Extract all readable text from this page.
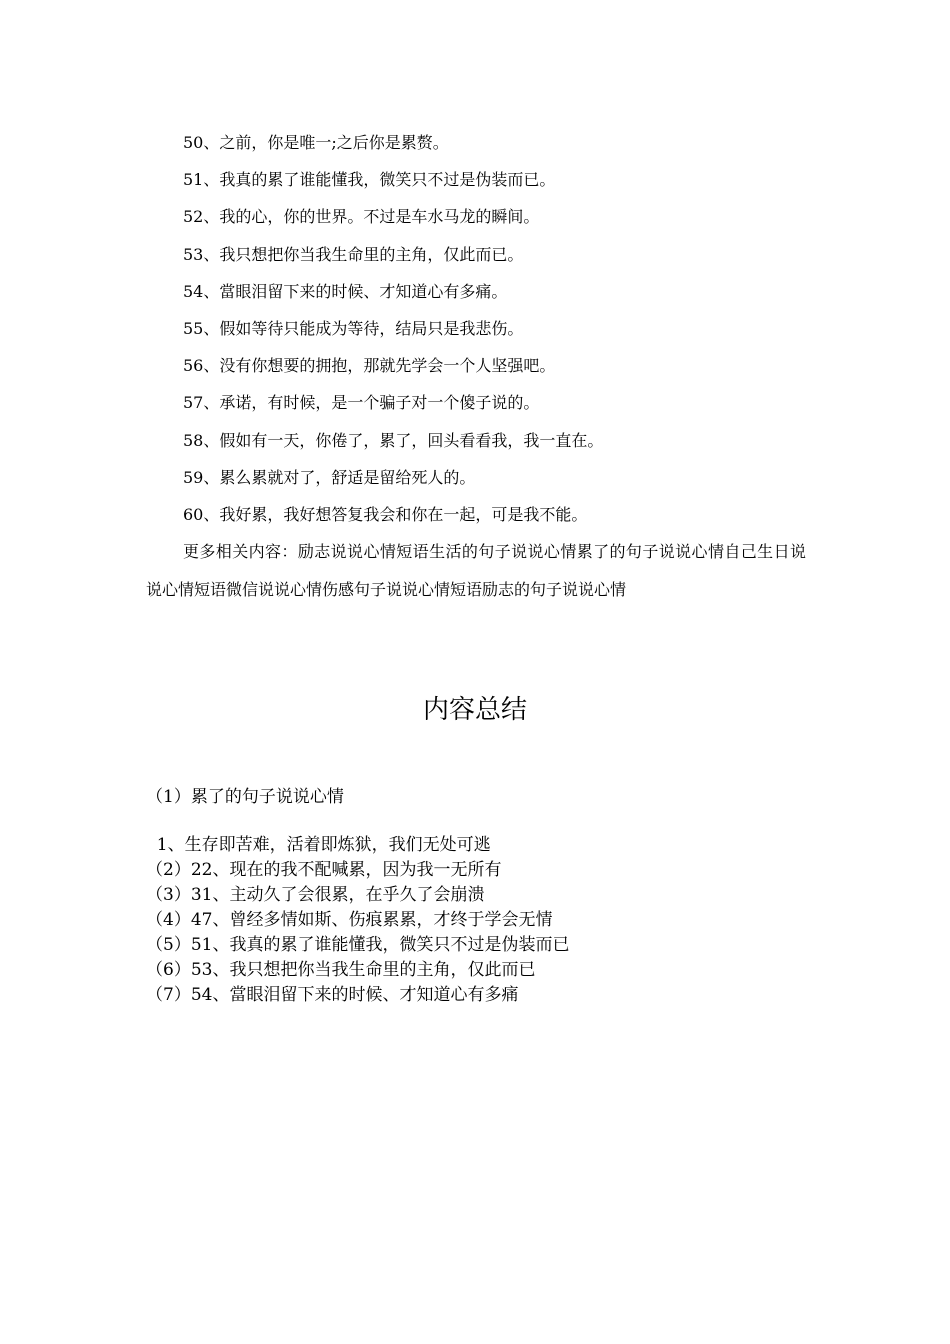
50、之前，你是唯一;之后你是累赘。
51、我真的累了谁能懂我，微笑只不过是伪装而已。
52、我的心，你的世界。不过是车水马龙的瞬间。
53、我只想把你当我生命里的主角，仅此而已。
54、當眼泪留下来的时候、才知道心有多痛。
55、假如等待只能成为等待，结局只是我悲伤。
56、没有你想要的拥抱，那就先学会一个人坚强吧。
57、承诺，有时候，是一个骗子对一个傻子说的。
58、假如有一天，你倦了，累了，回头看看我，我一直在。
59、累么累就对了，舒适是留给死人的。
60、我好累，我好想答复我会和你在一起，可是我不能。

更多相关内容：励志说说心情短语生活的句子说说心情累了的句子说说心情自己生日说说心情短语微信说说心情伤感句子说说心情短语励志的句子说说心情

内容总结

（1）累了的句子说说心情

1、生存即苦难，活着即炼狱，我们无处可逃
（2）22、现在的我不配喊累，因为我一无所有
（3）31、主动久了会很累，在乎久了会崩溃
（4）47、曾经多情如斯、伤痕累累，才终于学会无情
（5）51、我真的累了谁能懂我，微笑只不过是伪装而已
（6）53、我只想把你当我生命里的主角，仅此而已
（7）54、當眼泪留下来的时候、才知道心有多痛
